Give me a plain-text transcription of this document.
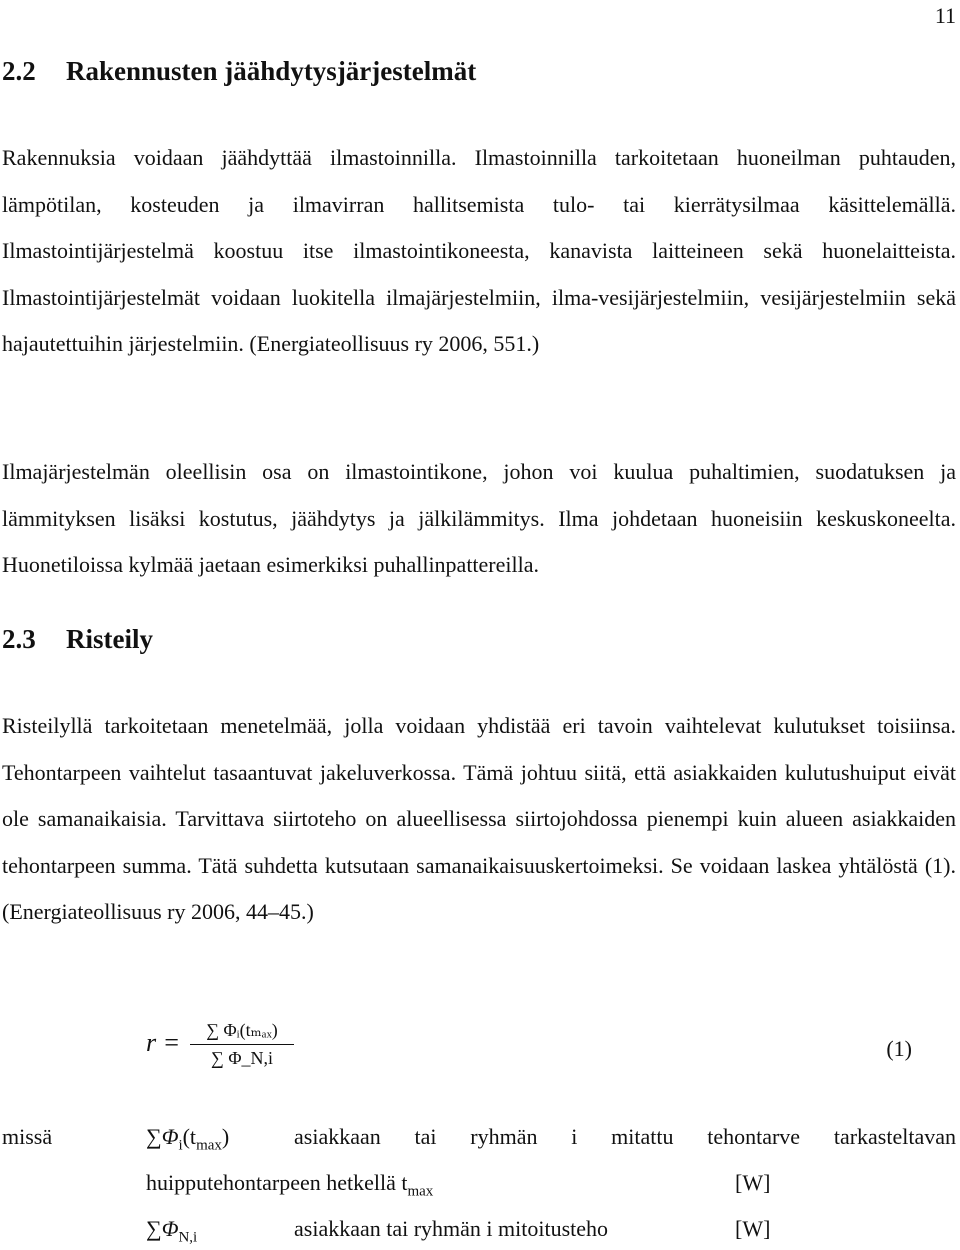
11
2.2 Rakennusten jäähdytysjärjestelmät

Rakennuksia voidaan jäähdyttää ilmastoinnilla. Ilmastoinnilla tarkoitetaan huoneilman puhtauden, lämpötilan, kosteuden ja ilmavirran hallitsemista tulo- tai kierrätysilmaa käsittelemällä. Ilmastointijärjestelmä koostuu itse ilmastointikoneesta, kanavista laitteineen sekä huonelaitteista. Ilmastointijärjestelmät voidaan luokitella ilmajärjestelmiin, ilma-vesijärjestelmiin, vesijärjestelmiin sekä hajautettuihin järjestelmiin. (Energiateollisuus ry 2006, 551.)

Ilmajärjestelmän oleellisin osa on ilmastointikone, johon voi kuulua puhaltimien, suodatuksen ja lämmityksen lisäksi kostutus, jäähdytys ja jälkilämmitys. Ilma johdetaan huoneisiin keskuskoneelta. Huonetiloissa kylmää jaetaan esimerkiksi puhallinpattereilla.

2.3 Risteily

Risteilyllä tarkoitetaan menetelmää, jolla voidaan yhdistää eri tavoin vaihtelevat kulutukset toisiinsa. Tehontarpeen vaihtelut tasaantuvat jakeluverkossa. Tämä johtuu siitä, että asiakkaiden kulutushuiput eivät ole samanaikaisia. Tarvittava siirtoteho on alueellisessa siirtojohdossa pienempi kuin alueen asiakkaiden tehontarpeen summa. Tätä suhdetta kutsutaan samanaikaisuuskertoimeksi. Se voidaan laskea yhtälöstä (1). (Energiateollisuus ry 2006, 44–45.)

r =	∑ Φᵢ(tₘₐₓ)
∑ Φ_N,i	(1)
missä	$\sum\Phi_i(t_{max})$	asiakkaan tai ryhmän i mitattu tehontarve tarkasteltavan
huipputehontarpeen hetkellä $t_{max}$	[W]
$\sum\Phi_{N,i}$	asiakkaan tai ryhmän i mitoitusteho	[W]
